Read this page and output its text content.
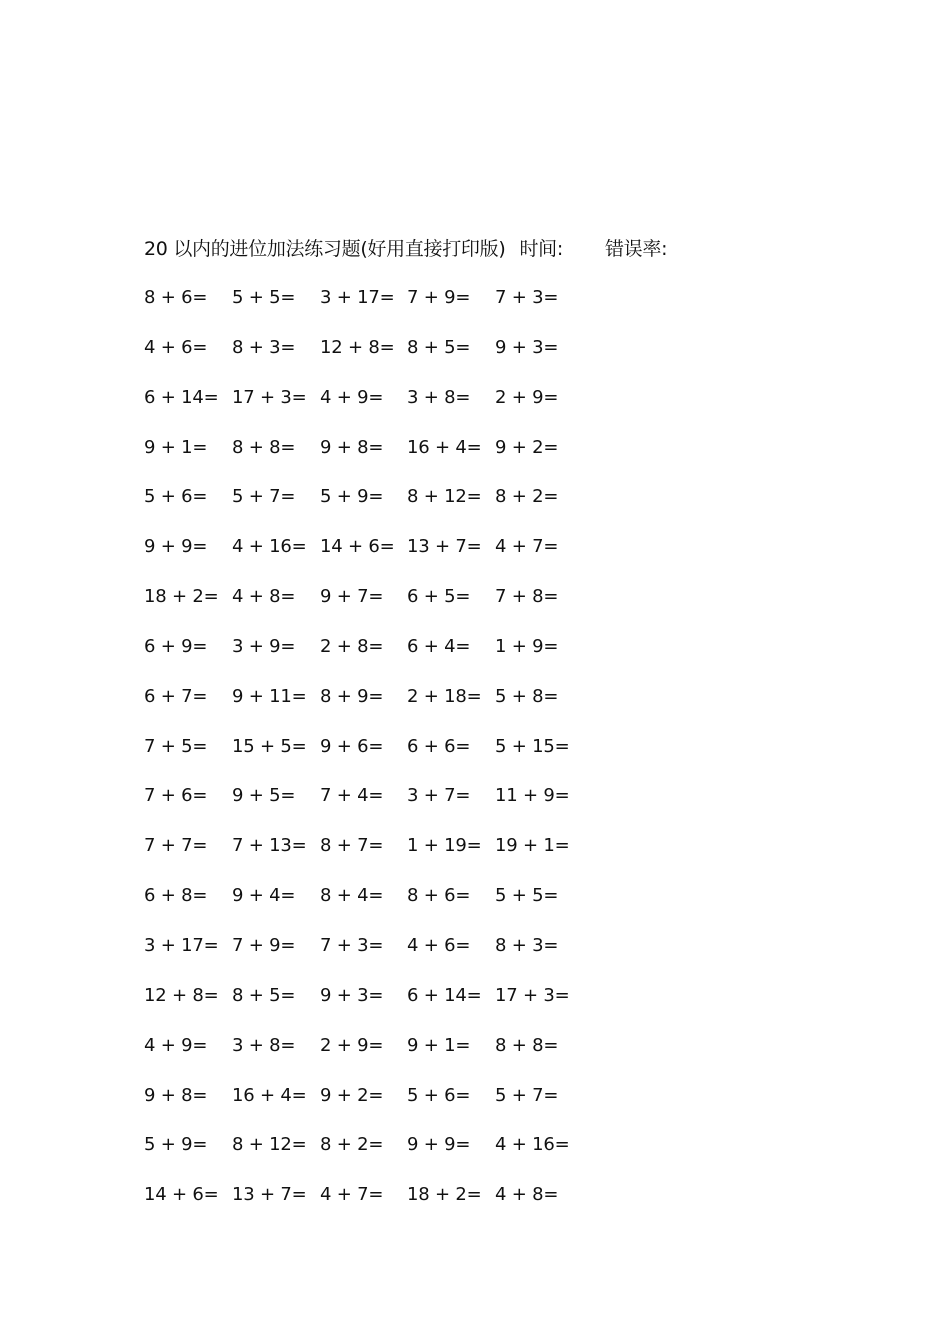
20 以内的进位加法练习题(好用直接打印版) 时间: 错误率:
8 + 6= 5 + 5= 3 + 17= 7 + 9= 7 + 3=
4 + 6= 8 + 3= 12 + 8= 8 + 5= 9 + 3=
6 + 14= 17 + 3= 4 + 9= 3 + 8= 2 + 9=
9 + 1= 8 + 8= 9 + 8= 16 + 4= 9 + 2=
5 + 6= 5 + 7= 5 + 9= 8 + 12= 8 + 2=
9 + 9= 4 + 16= 14 + 6= 13 + 7= 4 + 7=
18 + 2= 4 + 8= 9 + 7= 6 + 5= 7 + 8=
6 + 9= 3 + 9= 2 + 8= 6 + 4= 1 + 9=
6 + 7= 9 + 11= 8 + 9= 2 + 18= 5 + 8=
7 + 5= 15 + 5= 9 + 6= 6 + 6= 5 + 15=
7 + 6= 9 + 5= 7 + 4= 3 + 7= 11 + 9=
7 + 7= 7 + 13= 8 + 7= 1 + 19= 19 + 1=
6 + 8= 9 + 4= 8 + 4= 8 + 6= 5 + 5=
3 + 17= 7 + 9= 7 + 3= 4 + 6= 8 + 3=
12 + 8= 8 + 5= 9 + 3= 6 + 14= 17 + 3=
4 + 9= 3 + 8= 2 + 9= 9 + 1= 8 + 8=
9 + 8= 16 + 4= 9 + 2= 5 + 6= 5 + 7=
5 + 9= 8 + 12= 8 + 2= 9 + 9= 4 + 16=
14 + 6= 13 + 7= 4 + 7= 18 + 2= 4 + 8=
